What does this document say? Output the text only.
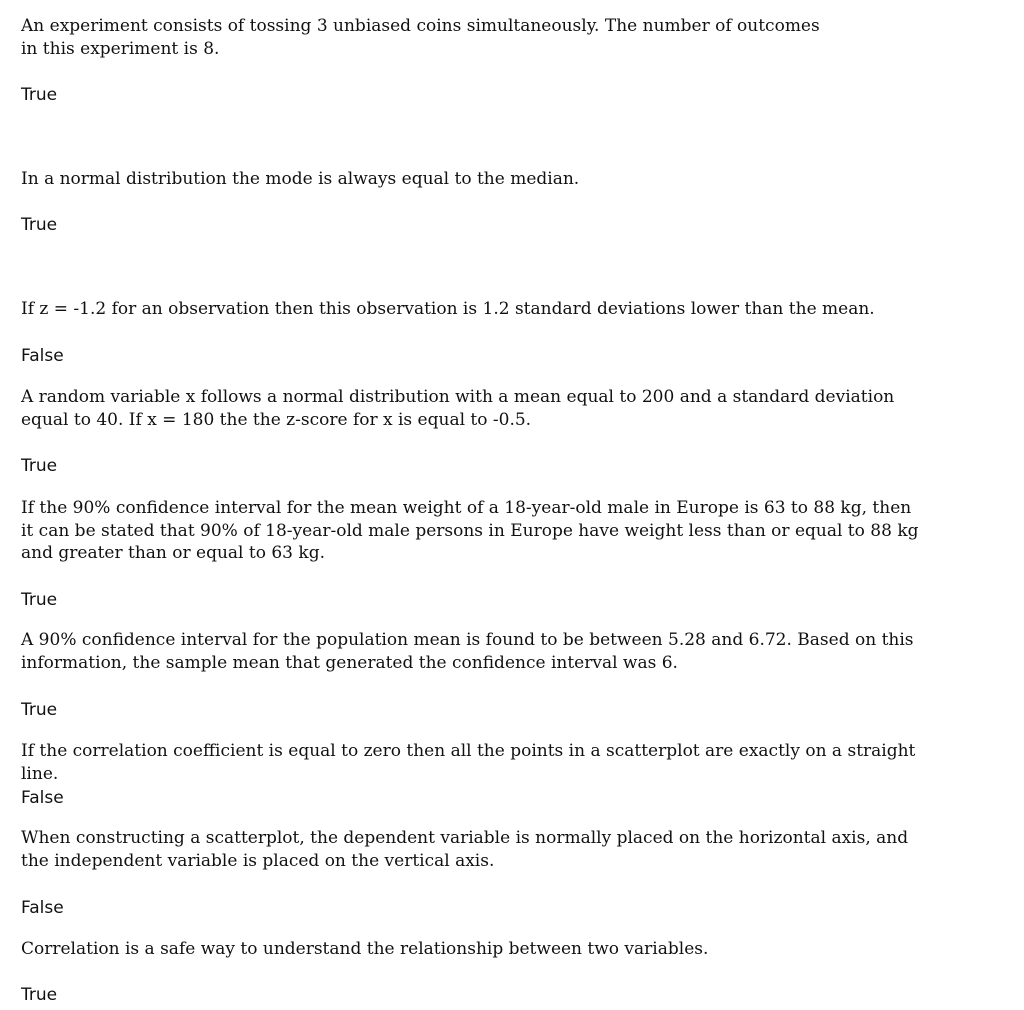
An experiment consists of tossing 3 unbiased coins simultaneously. The number of outcomes in this experiment is 8.

True

In a normal distribution the mode is always equal to the median.

True

If z = -1.2 for an observation then this observation is 1.2 standard deviations lower than the mean.

False

A random variable x follows a normal distribution with a mean equal to 200 and a standard deviation equal to 40. If x = 180 the the z-score for x is equal to -0.5.

True

If the 90% confidence interval for the mean weight of a 18-year-old male in Europe is 63 to 88 kg, then it can be stated that 90% of 18-year-old male persons in Europe have weight less than or equal to 88 kg and greater than or equal to 63 kg.

True

A 90% confidence interval for the population mean is found to be between 5.28 and 6.72. Based on this information, the sample mean that generated the confidence interval was 6.

True

If the correlation coefficient is equal to zero then all the points in a scatterplot are exactly on a straight line.

False

When constructing a scatterplot, the dependent variable is normally placed on the horizontal axis, and the independent variable is placed on the vertical axis.

False

Correlation is a safe way to understand the relationship between two variables.

True
